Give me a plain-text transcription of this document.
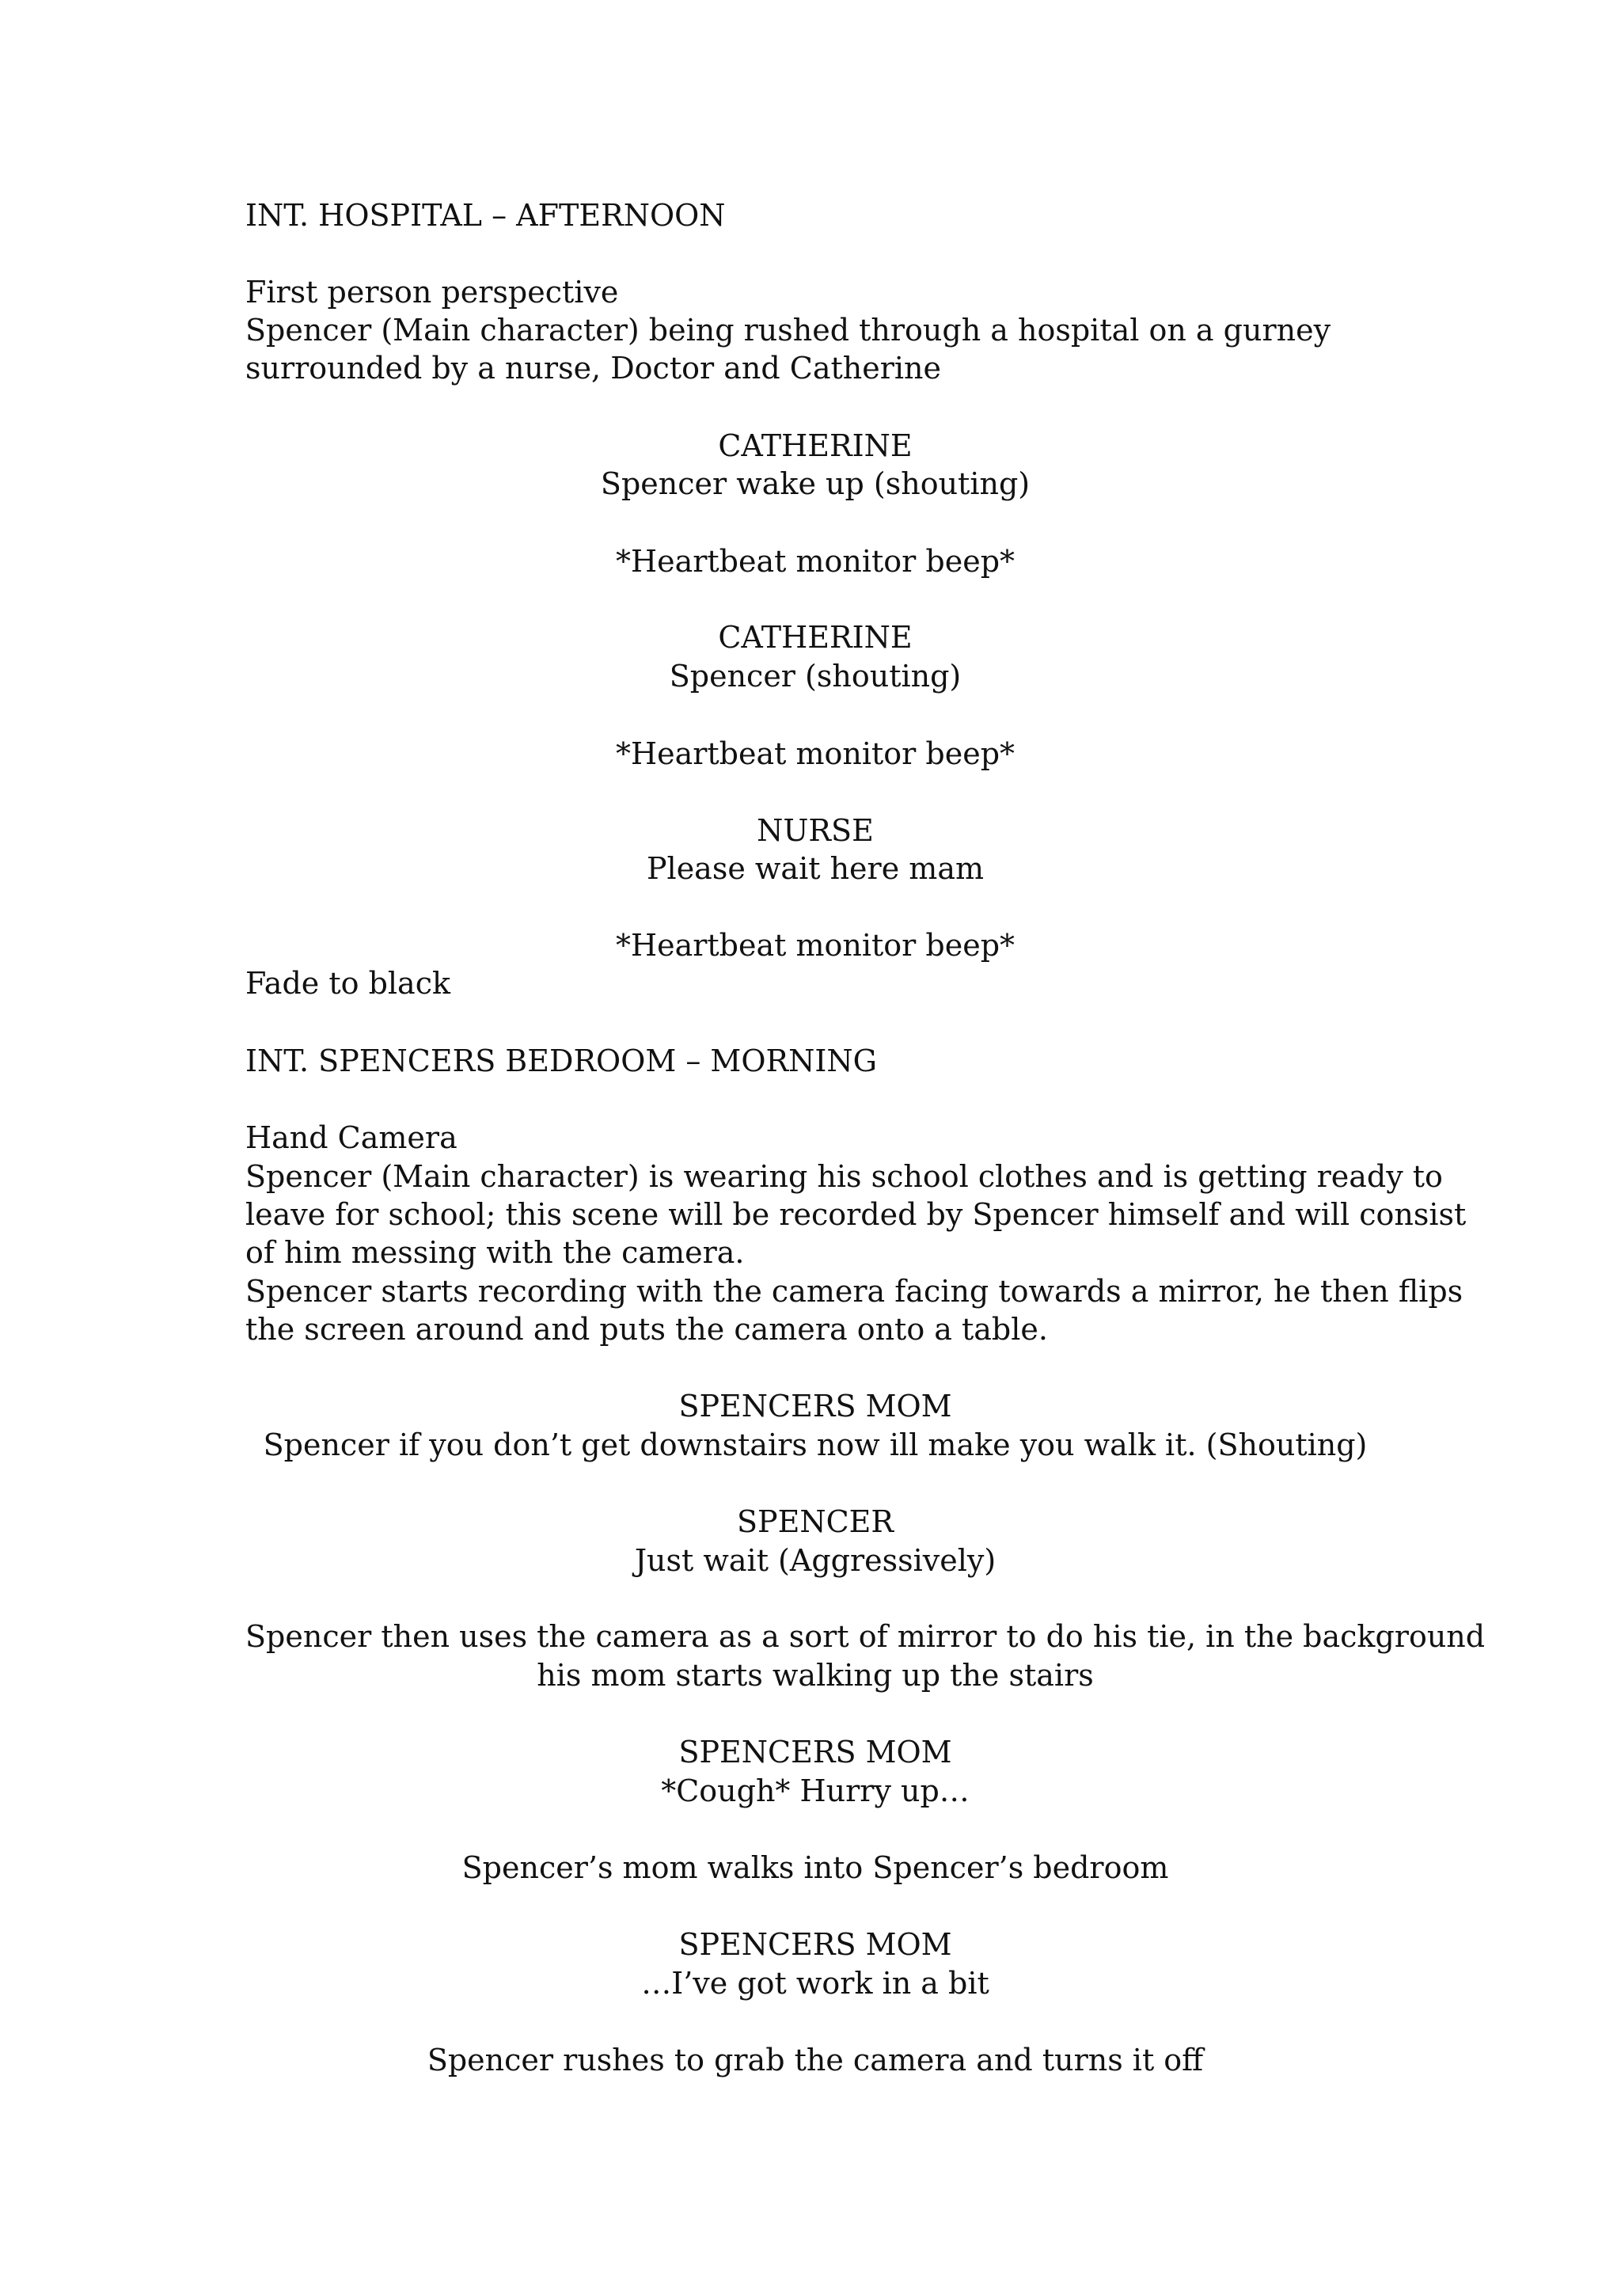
INT. HOSPITAL – AFTERNOON
First person perspective
Spencer (Main character) being rushed through a hospital on a gurney
surrounded by a nurse, Doctor and Catherine
CATHERINE
Spencer wake up (shouting)
*Heartbeat monitor beep*
CATHERINE
Spencer (shouting)
*Heartbeat monitor beep*
NURSE
Please wait here mam
*Heartbeat monitor beep*
Fade to black
INT. SPENCERS BEDROOM – MORNING
Hand Camera
Spencer (Main character) is wearing his school clothes and is getting ready to
leave for school; this scene will be recorded by Spencer himself and will consist
of him messing with the camera.
Spencer starts recording with the camera facing towards a mirror, he then flips
the screen around and puts the camera onto a table.
SPENCERS MOM
Spencer if you don’t get downstairs now ill make you walk it. (Shouting)
SPENCER
Just wait (Aggressively)
Spencer then uses the camera as a sort of mirror to do his tie, in the background
his mom starts walking up the stairs
SPENCERS MOM
*Cough* Hurry up…
Spencer’s mom walks into Spencer’s bedroom
SPENCERS MOM
…I’ve got work in a bit
Spencer rushes to grab the camera and turns it off
